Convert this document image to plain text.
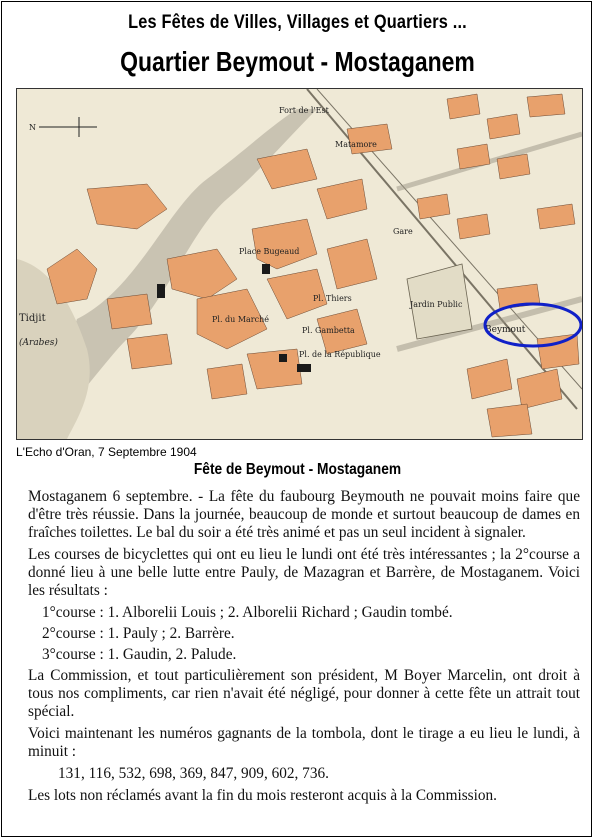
Les Fêtes de Villes, Villages et Quartiers ...
Quartier Beymout - Mostaganem
N
Fort de l'Est
Matamore
Gare
Jardin Public
Beymout
Tidjit
(Arabes)
Place Bugeaud
Pl. du Marché
Pl. Thiers
Pl. Gambetta
Pl. de la République
L'Echo d'Oran, 7 Septembre 1904
Fête de Beymout - Mostaganem

Mostaganem 6 septembre. - La fête du faubourg Beymouth ne pouvait moins faire que d'être très réussie. Dans la journée, beaucoup de monde et surtout beaucoup de dames en fraîches toilettes. Le bal du soir a été très animé et pas un seul incident à signaler.

Les courses de bicyclettes qui ont eu lieu le lundi ont été très intéressantes ; la 2°course a donné lieu à une belle lutte entre Pauly, de Mazagran et Barrère, de Mostaganem. Voici les résultats :

1°course : 1. Alborelii Louis ; 2. Alborelii Richard ; Gaudin tombé.
2°course : 1. Pauly ; 2. Barrère.
3°course : 1. Gaudin, 2. Palude.

La Commission, et tout particulièrement son président, M Boyer Marcelin, ont droit à tous nos compliments, car rien n'avait été négligé, pour donner à cette fête un attrait tout spécial.

Voici maintenant les numéros gagnants de la tombola, dont le tirage a eu lieu le lundi, à minuit :

131, 116, 532, 698, 369, 847, 909, 602, 736.

Les lots non réclamés avant la fin du mois resteront acquis à la Commission.
